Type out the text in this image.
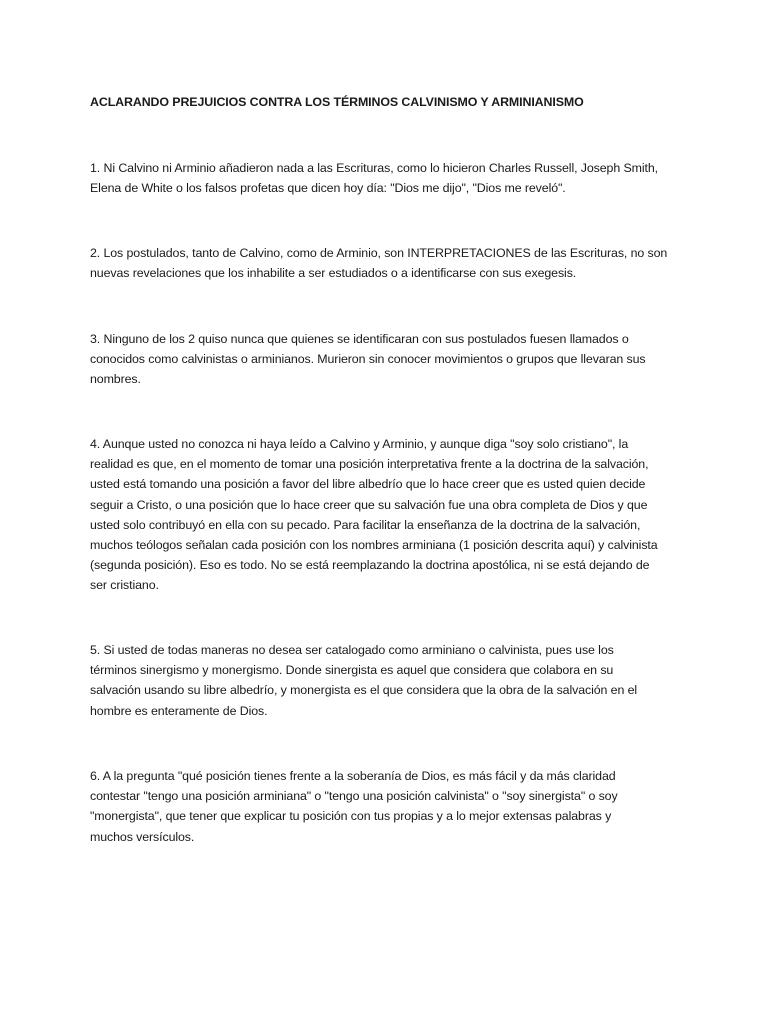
ACLARANDO PREJUICIOS CONTRA LOS TÉRMINOS CALVINISMO Y ARMINIANISMO

1. Ni Calvino ni Arminio añadieron nada a las Escrituras, como lo hicieron Charles Russell, Joseph Smith,
Elena de White o los falsos profetas que dicen hoy día: "Dios me dijo", "Dios me reveló".

2. Los postulados, tanto de Calvino, como de Arminio, son INTERPRETACIONES de las Escrituras, no son
nuevas revelaciones que los inhabilite a ser estudiados o a identificarse con sus exegesis.

3. Ninguno de los 2 quiso nunca que quienes se identificaran con sus postulados fuesen llamados o
conocidos como calvinistas o arminianos. Murieron sin conocer movimientos o grupos que llevaran sus
nombres.

4. Aunque usted no conozca ni haya leído a Calvino y Arminio, y aunque diga "soy solo cristiano", la
realidad es que, en el momento de tomar una posición interpretativa frente a la doctrina de la salvación,
usted está tomando una posición a favor del libre albedrío que lo hace creer que es usted quien decide
seguir a Cristo, o una posición que lo hace creer que su salvación fue una obra completa de Dios y que
usted solo contribuyó en ella con su pecado. Para facilitar la enseñanza de la doctrina de la salvación,
muchos teólogos señalan cada posición con los nombres arminiana (1 posición descrita aquí) y calvinista
(segunda posición). Eso es todo. No se está reemplazando la doctrina apostólica, ni se está dejando de
ser cristiano.

5. Si usted de todas maneras no desea ser catalogado como arminiano o calvinista, pues use los
términos sinergismo y monergismo. Donde sinergista es aquel que considera que colabora en su
salvación usando su libre albedrío, y monergista es el que considera que la obra de la salvación en el
hombre es enteramente de Dios.

6. A la pregunta "qué posición tienes frente a la soberanía de Dios, es más fácil y da más claridad
contestar "tengo una posición arminiana" o "tengo una posición calvinista" o "soy sinergista" o soy
"monergista", que tener que explicar tu posición con tus propias y a lo mejor extensas palabras y
muchos versículos.
